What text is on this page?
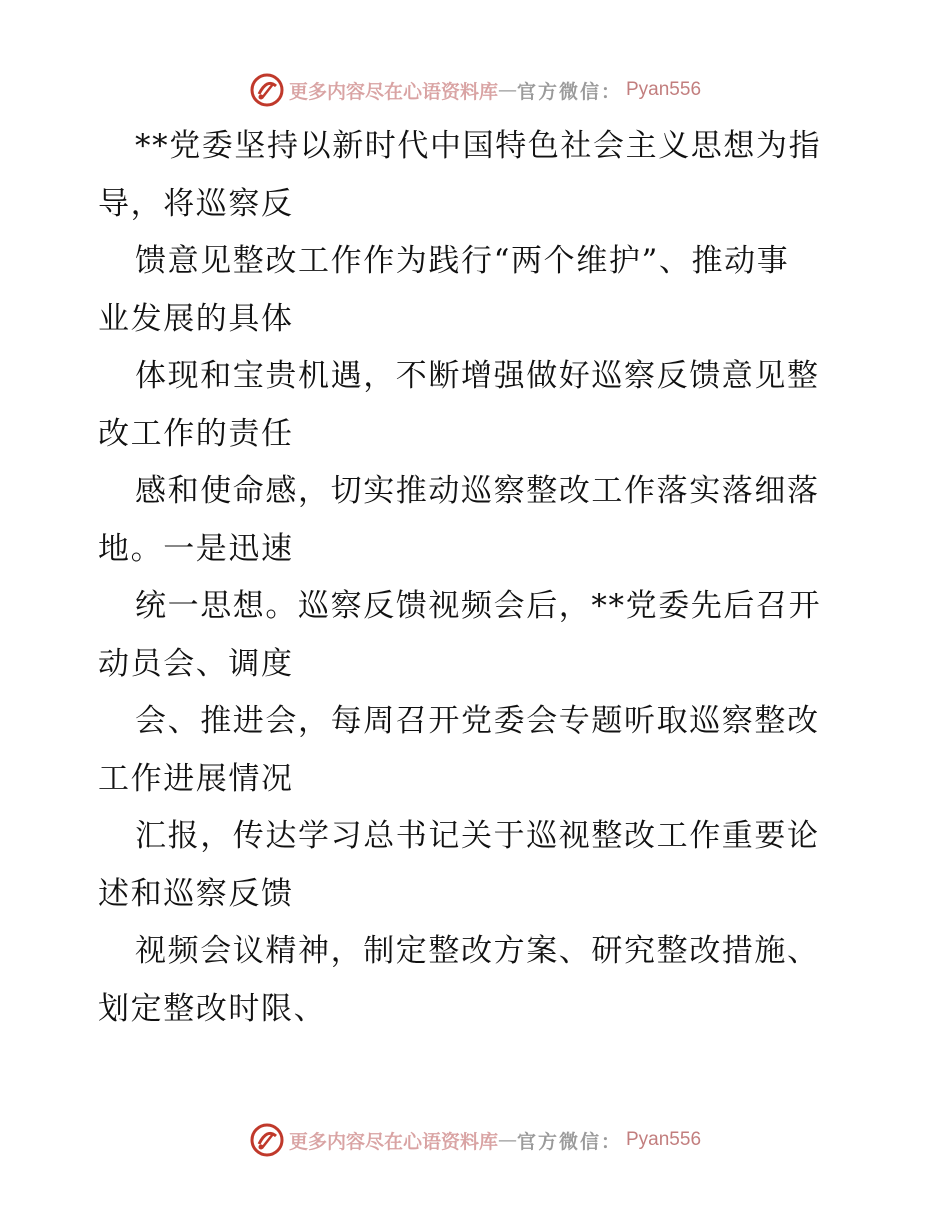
更多内容尽在心语资料库 — 官方微信： Pyan556
**党委坚持以新时代中国特色社会主义思想为指
导，将巡察反
馈意见整改工作作为践行“两个维护”、推动事
业发展的具体
体现和宝贵机遇，不断增强做好巡察反馈意见整
改工作的责任
感和使命感，切实推动巡察整改工作落实落细落
地。一是迅速
统一思想。巡察反馈视频会后，**党委先后召开
动员会、调度
会、推进会，每周召开党委会专题听取巡察整改
工作进展情况
汇报，传达学习总书记关于巡视整改工作重要论
述和巡察反馈
视频会议精神，制定整改方案、研究整改措施、
划定整改时限、
更多内容尽在心语资料库 — 官方微信： Pyan556
